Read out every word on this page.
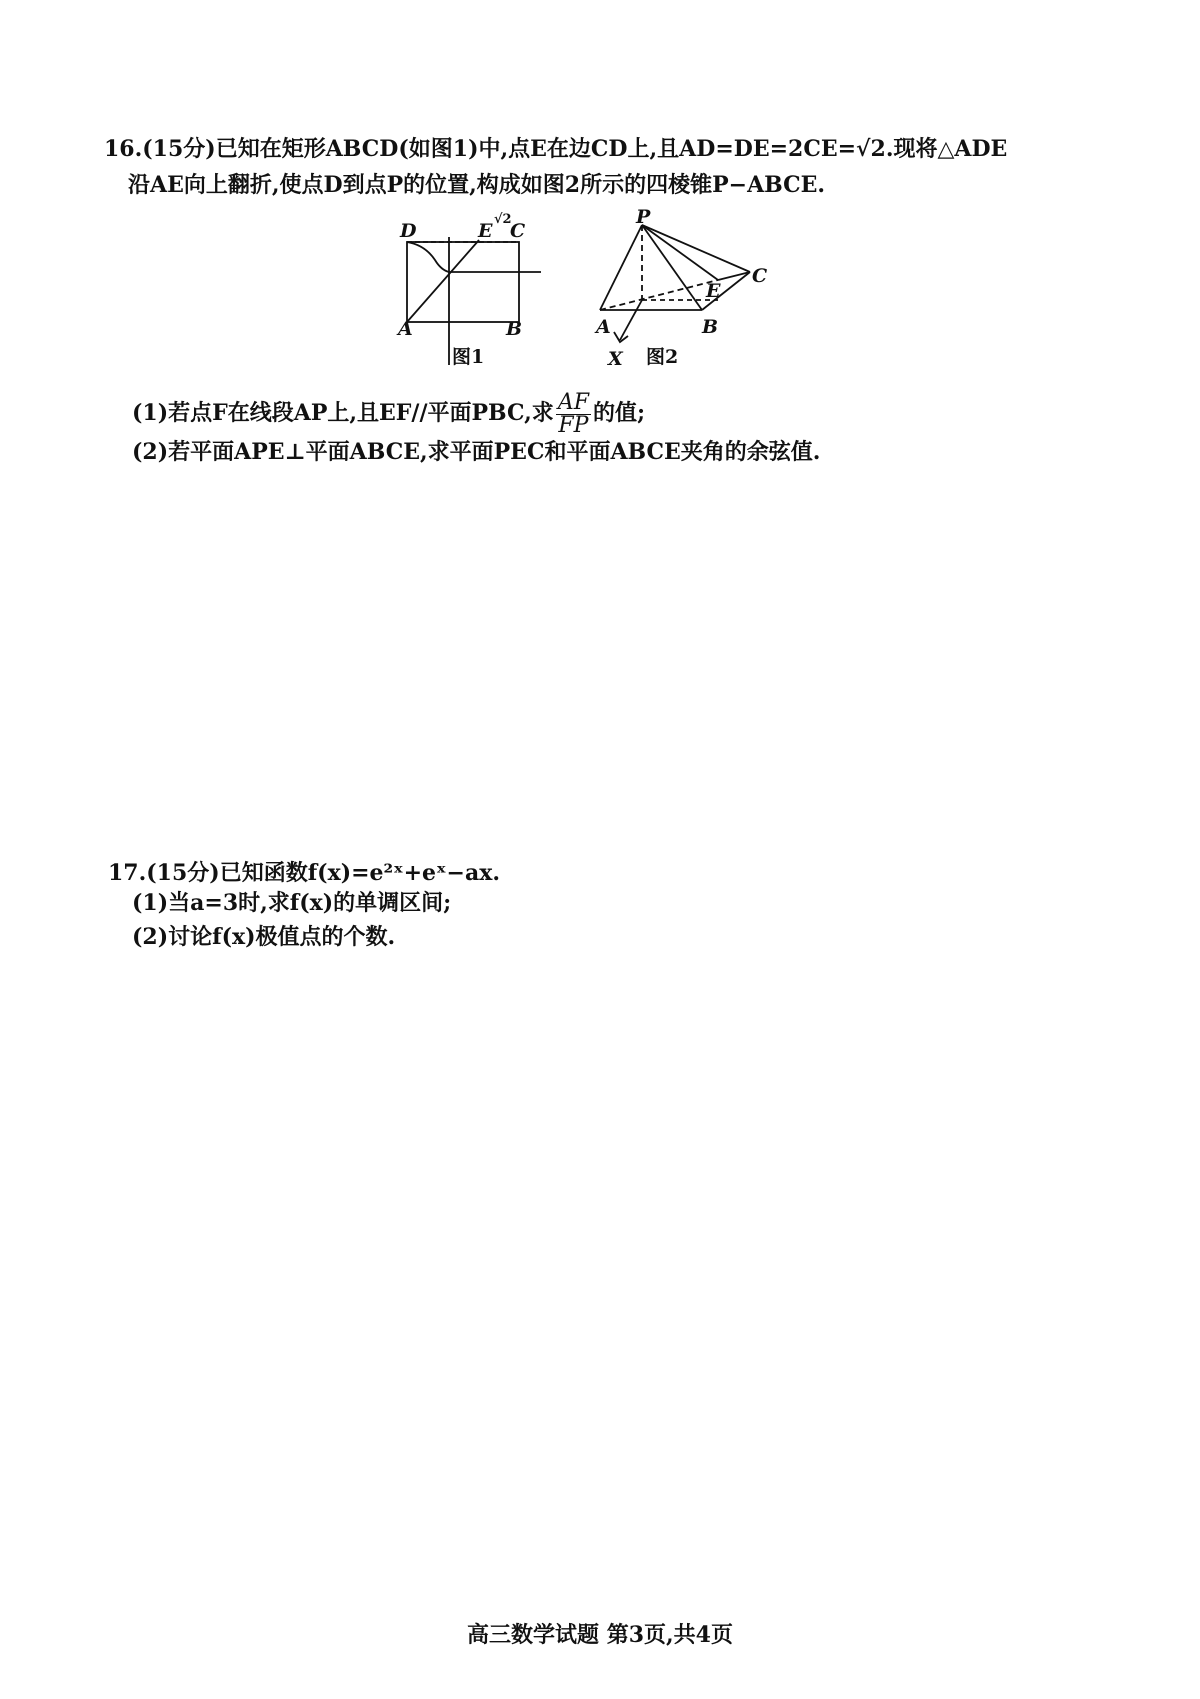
16.(15分)已知在矩形ABCD(如图1)中,点E在边CD上,且AD=DE=2CE=√2.现将△ADE
沿AE向上翻折,使点D到点P的位置,构成如图2所示的四棱锥P−ABCE.
D	E
√2
C
A	B
图1
P
C
E
A	B
X 图2
(1)若点F在线段AP上,且EF//平面PBC,求 $\frac{AF}{FP}$ 的值;
(2)若平面APE⊥平面ABCE,求平面PEC和平面ABCE夹角的余弦值.
17.(15分)已知函数f(x)=e²ˣ+eˣ−ax.
(1)当a=3时,求f(x)的单调区间;
(2)讨论f(x)极值点的个数.
高三数学试题 第3页,共4页
